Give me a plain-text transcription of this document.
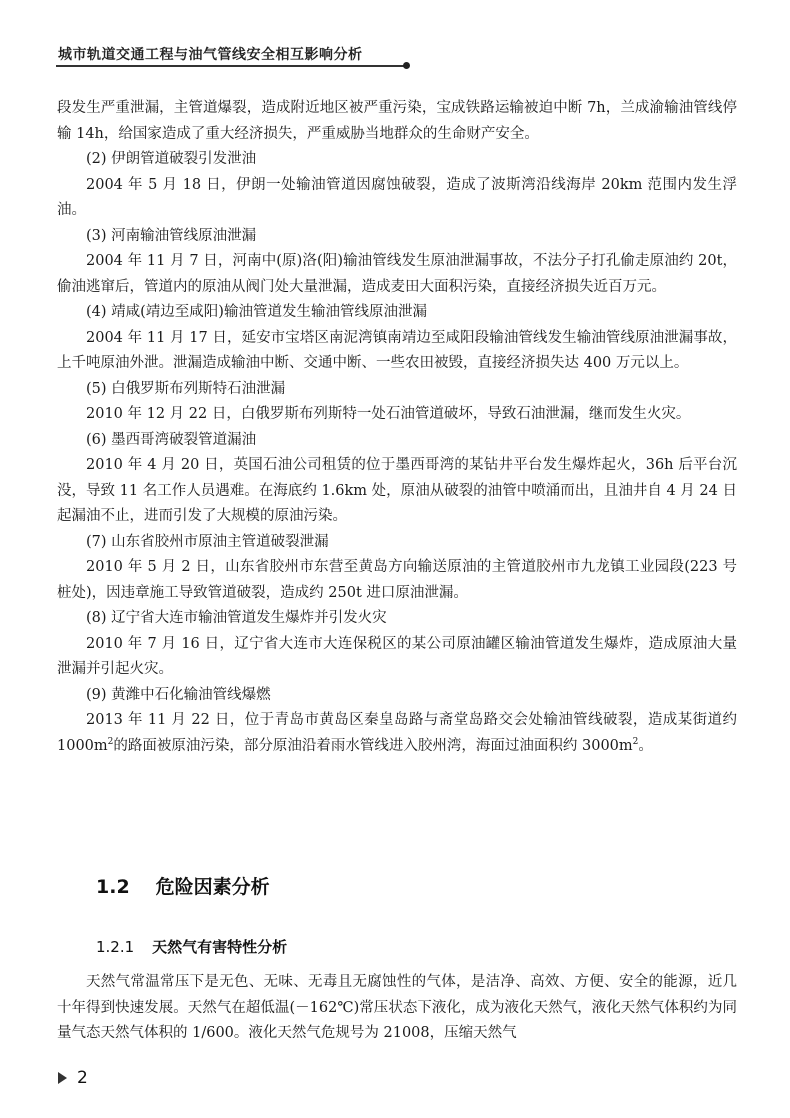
城市轨道交通工程与油气管线安全相互影响分析

段发生严重泄漏，主管道爆裂，造成附近地区被严重污染，宝成铁路运输被迫中断 7h，兰成渝输油管线停输 14h，给国家造成了重大经济损失，严重威胁当地群众的生命财产安全。

(2) 伊朗管道破裂引发泄油

2004 年 5 月 18 日，伊朗一处输油管道因腐蚀破裂，造成了波斯湾沿线海岸 20km 范围内发生浮油。

(3) 河南输油管线原油泄漏

2004 年 11 月 7 日，河南中(原)洛(阳)输油管线发生原油泄漏事故，不法分子打孔偷走原油约 20t，偷油逃窜后，管道内的原油从阀门处大量泄漏，造成麦田大面积污染，直接经济损失近百万元。

(4) 靖咸(靖边至咸阳)输油管道发生输油管线原油泄漏

2004 年 11 月 17 日，延安市宝塔区南泥湾镇南靖边至咸阳段输油管线发生输油管线原油泄漏事故，上千吨原油外泄。泄漏造成输油中断、交通中断、一些农田被毁，直接经济损失达 400 万元以上。

(5) 白俄罗斯布列斯特石油泄漏

2010 年 12 月 22 日，白俄罗斯布列斯特一处石油管道破坏，导致石油泄漏，继而发生火灾。

(6) 墨西哥湾破裂管道漏油

2010 年 4 月 20 日，英国石油公司租赁的位于墨西哥湾的某钻井平台发生爆炸起火，36h 后平台沉没，导致 11 名工作人员遇难。在海底约 1.6km 处，原油从破裂的油管中喷涌而出，且油井自 4 月 24 日起漏油不止，进而引发了大规模的原油污染。

(7) 山东省胶州市原油主管道破裂泄漏

2010 年 5 月 2 日，山东省胶州市东营至黄岛方向输送原油的主管道胶州市九龙镇工业园段(223 号桩处)，因违章施工导致管道破裂，造成约 250t 进口原油泄漏。

(8) 辽宁省大连市输油管道发生爆炸并引发火灾

2010 年 7 月 16 日，辽宁省大连市大连保税区的某公司原油罐区输油管道发生爆炸，造成原油大量泄漏并引起火灾。

(9) 黄潍中石化输油管线爆燃

2013 年 11 月 22 日，位于青岛市黄岛区秦皇岛路与斋堂岛路交会处输油管线破裂，造成某街道约 $1000m^2$的路面被原油污染，部分原油沿着雨水管线进入胶州湾，海面过油面积约 $3000m^2$。

1.2 危险因素分析
1.2.1 天然气有害特性分析

天然气常温常压下是无色、无味、无毒且无腐蚀性的气体，是洁净、高效、方便、安全的能源，近几十年得到快速发展。天然气在超低温(－162℃)常压状态下液化，成为液化天然气，液化天然气体积约为同量气态天然气体积的 1/600。液化天然气危规号为 21008，压缩天然气

2
